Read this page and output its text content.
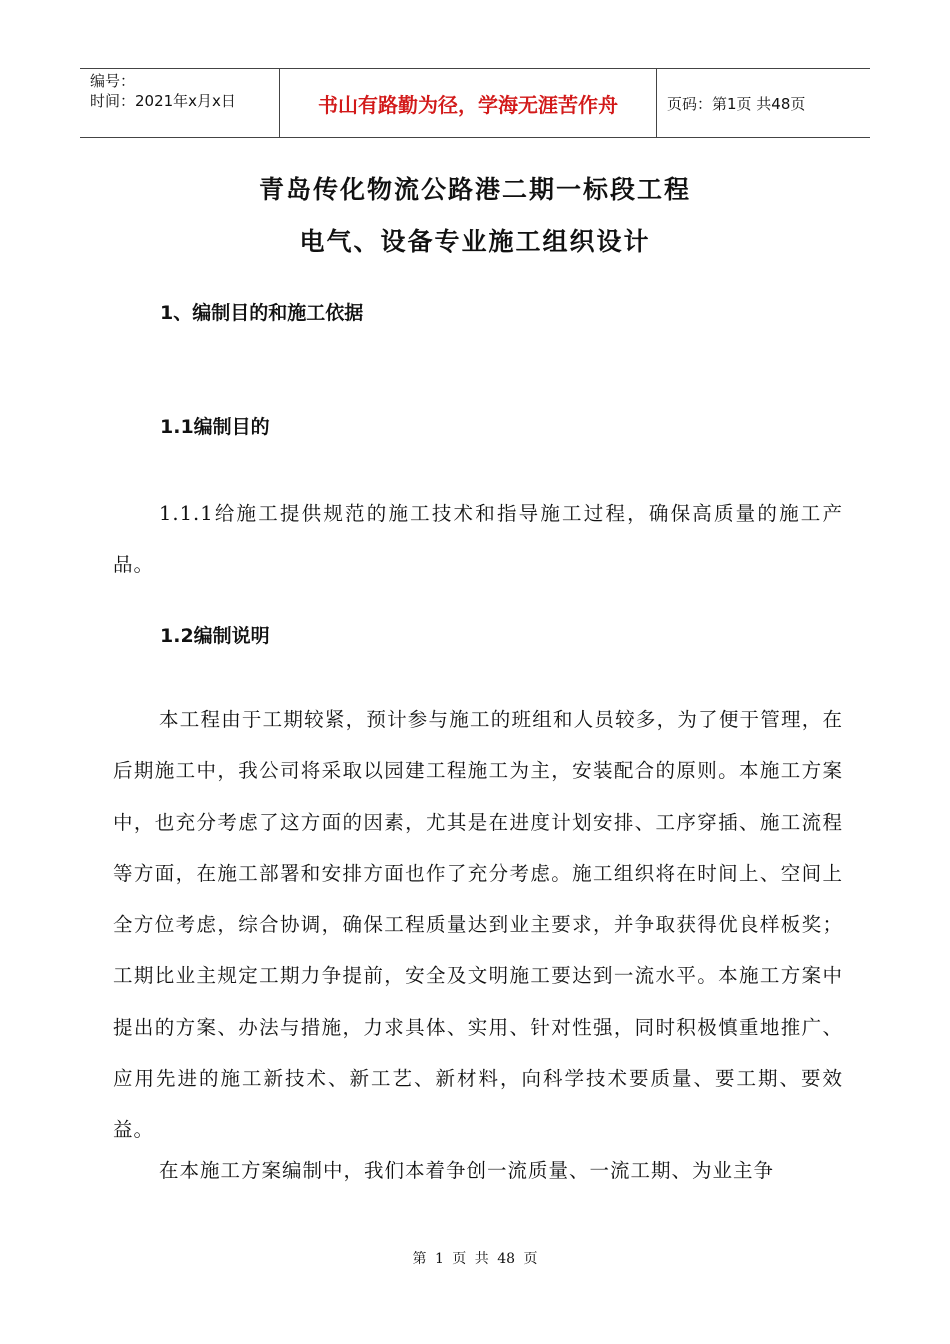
编号：
时间：2021年x月x日	书山有路勤为径，学海无涯苦作舟	页码：第1页 共48页
青岛传化物流公路港二期一标段工程
电气、设备专业施工组织设计
1、编制目的和施工依据
1.1编制目的

1.1.1给施工提供规范的施工技术和指导施工过程，确保高质量的施工产品。

1.2编制说明

本工程由于工期较紧，预计参与施工的班组和人员较多，为了便于管理，在后期施工中，我公司将采取以园建工程施工为主，安装配合的原则。本施工方案中，也充分考虑了这方面的因素，尤其是在进度计划安排、工序穿插、施工流程等方面，在施工部署和安排方面也作了充分考虑。施工组织将在时间上、空间上全方位考虑，综合协调，确保工程质量达到业主要求，并争取获得优良样板奖；工期比业主规定工期力争提前，安全及文明施工要达到一流水平。本施工方案中提出的方案、办法与措施，力求具体、实用、针对性强，同时积极慎重地推广、应用先进的施工新技术、新工艺、新材料，向科学技术要质量、要工期、要效益。

在本施工方案编制中，我们本着争创一流质量、一流工期、为业主争

第 1 页 共 48 页
